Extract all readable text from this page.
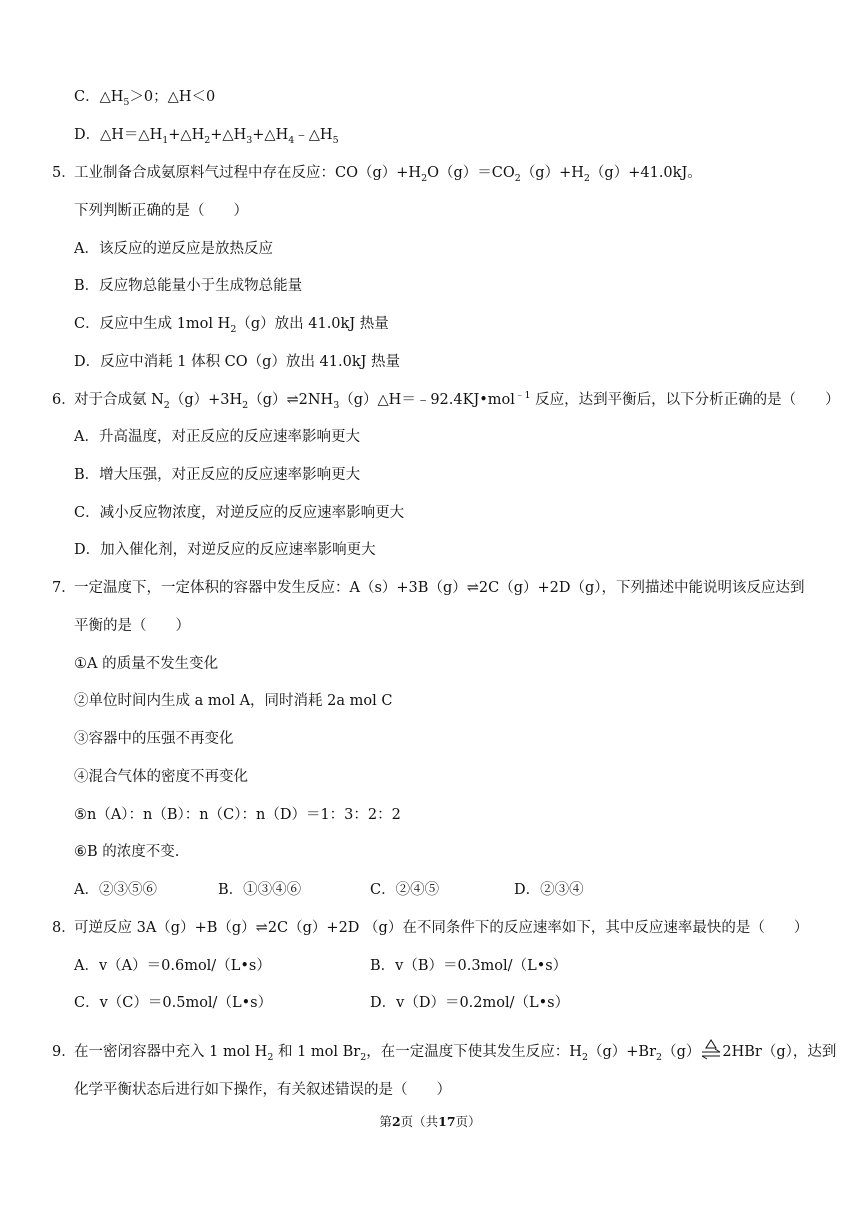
C．$\triangle H_5>0$；△H＜0
D．$\triangle H=\triangle H_1+\triangle H_2+\triangle H_3+\triangle H_4﹣\triangle H_5$
5．
工业制备合成氨原料气过程中存在反应：$CO(g)+H_2O(g)=CO_2(g)+H_2(g)+41.0kJ$。
下列判断正确的是（　　）
A．该反应的逆反应是放热反应
B．反应物总能量小于生成物总能量
C．反应中生成 1mol $H_2(g)$放出 41.0kJ 热量
D．反应中消耗 1 体积 CO（g）放出 41.0kJ 热量
6．
对于合成氨 $N_2(g)+3H_2(g)\rightleftharpoons 2NH_3(g)\triangle H=﹣92.4KJ•mol^{﹣1}$ 反应，达到平衡后，以下分析正确的是（　　）
A．升高温度，对正反应的反应速率影响更大
B．增大压强，对正反应的反应速率影响更大
C．减小反应物浓度，对逆反应的反应速率影响更大
D．加入催化剂，对逆反应的反应速率影响更大
7．
一定温度下，一定体积的容器中发生反应：A（s）+3B（g）⇌2C（g）+2D（g），下列描述中能说明该反应达到
平衡的是（　　）
①A 的质量不发生变化
②单位时间内生成 a mol A，同时消耗 2a mol C
③容器中的压强不再变化
④混合气体的密度不再变化
⑤n（A）：n（B）：n（C）：n（D）＝1：3：2：2
⑥B 的浓度不变.
A．②③⑤⑥	B．①③④⑥	C．②④⑤	D．②③④
8．
可逆反应 3A（g）+B（g）⇌2C（g）+2D （g）在不同条件下的反应速率如下，其中反应速率最快的是（　　）
A．v（A）＝0.6mol/（L•s）	B．v（B）＝0.3mol/（L•s）
C．v（C）＝0.5mol/（L•s）	D．v（D）＝0.2mol/（L•s）
9．
在一密闭容器中充入 1 mol $H_2$ 和 1 mol $Br_2$，在一定温度下使其发生反应：$H_2(g)+Br_2(g)$ 2HBr（g），达到
化学平衡状态后进行如下操作，有关叙述错误的是（　　）
第2页（共17页）
